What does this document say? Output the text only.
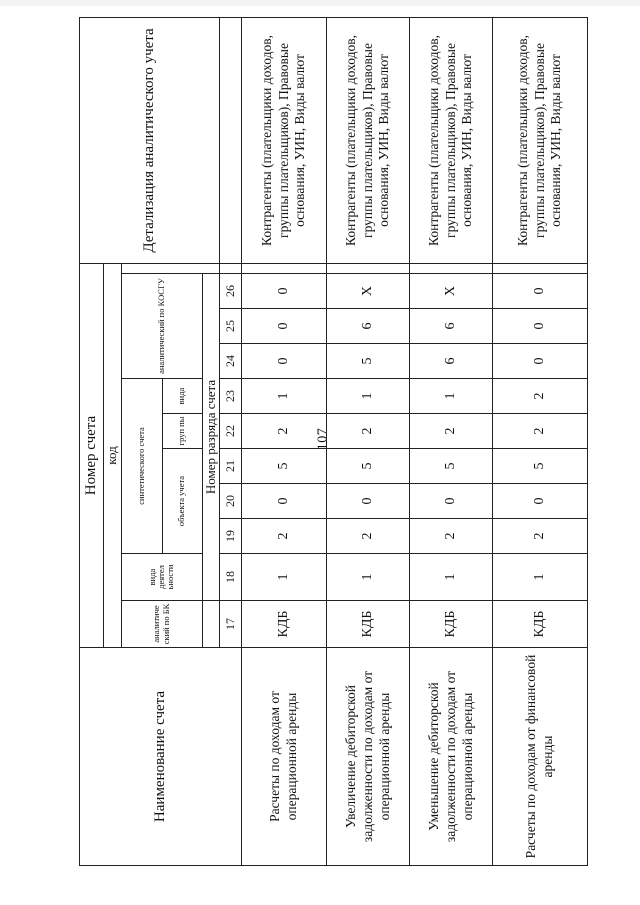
107
Наименование счета	Номер счета											Детализация аналитического учета
	код											
	аналитиче ский по БК	вида деятел ьности	синтетического счета					аналитический по КОСГУ				
			объекта учета			груп пы	вида					
		Номер разряда счета										
	17	18	19	20	21	22	23	24	25	26		
Расчеты по доходам от операционной аренды	КДБ	1	2	0	5	2	1	0	0	0		Контрагенты (плательщики доходов, группы плательщиков), Правовые основания, УИН, Виды валют
Увеличение дебиторской задолженности по доходам от операционной аренды	КДБ	1	2	0	5	2	1	5	6	Х		Контрагенты (плательщики доходов, группы плательщиков), Правовые основания, УИН, Виды валют
Уменьшение дебиторской задолженности по доходам от операционной аренды	КДБ	1	2	0	5	2	1	6	6	Х		Контрагенты (плательщики доходов, группы плательщиков), Правовые основания, УИН, Виды валют
Расчеты по доходам от финансовой аренды	КДБ	1	2	0	5	2	2	0	0	0		Контрагенты (плательщики доходов, группы плательщиков), Правовые основания, УИН, Виды валют
